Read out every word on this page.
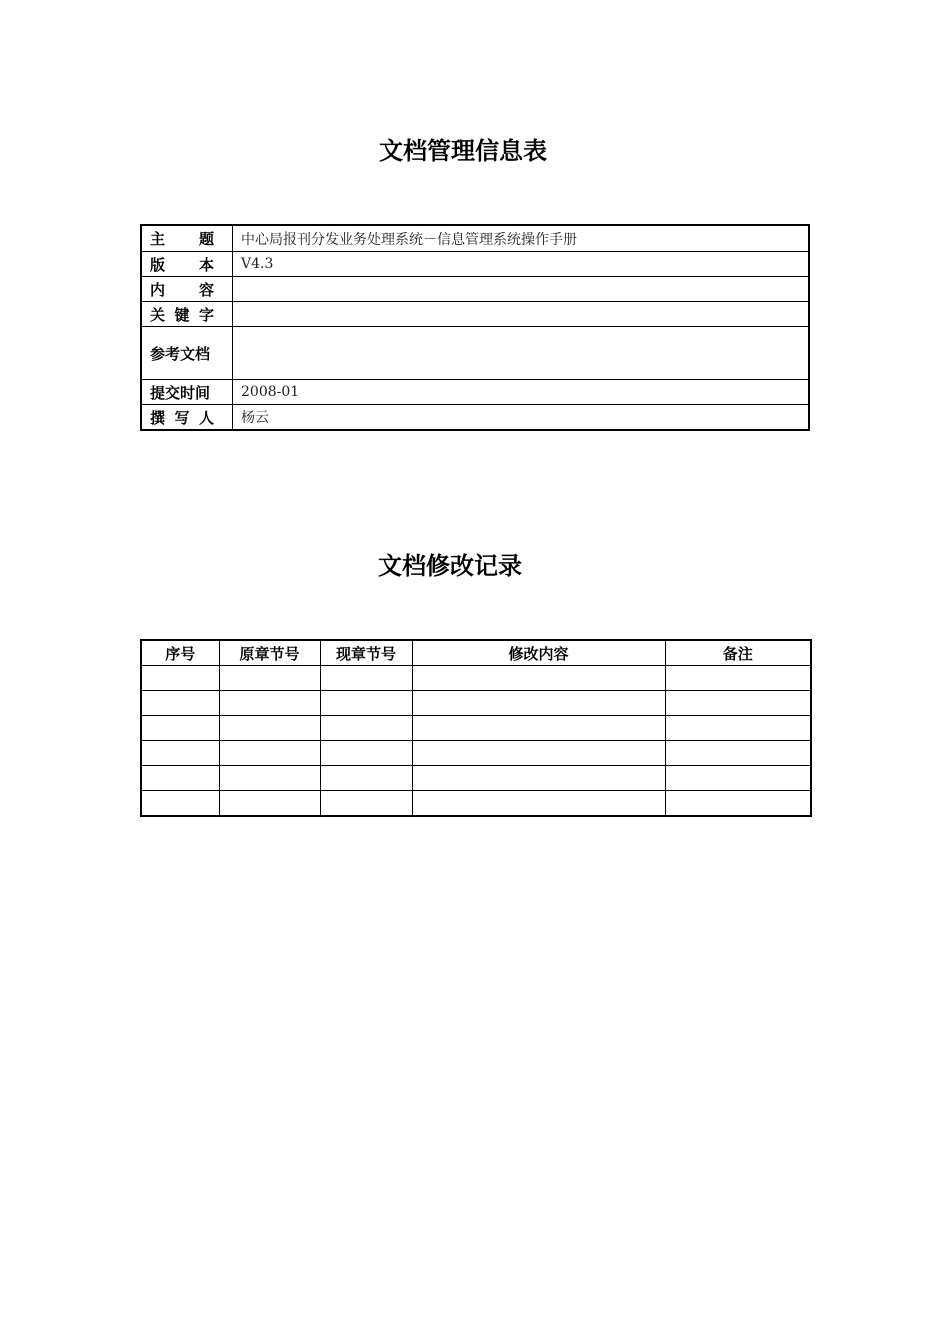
文档管理信息表
主 题	中心局报刊分发业务处理系统－信息管理系统操作手册

版 本	V4.3

内 容	

关 键 字	

参考文档	
提交时间	2008-01

撰 写 人	杨云
文档修改记录
序号	原章节号	现章节号	修改内容	备注
